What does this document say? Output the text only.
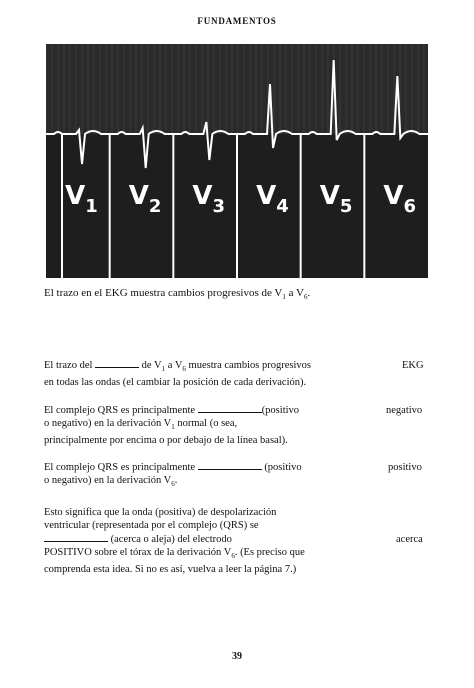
FUNDAMENTOS
$V_1$ $V_2$ $V_3$ $V_4$ $V_5$ $V_6$
El trazo en el EKG muestra cambios progresivos de $V_1$ a $V_6$.
El trazo del	de $V_1$ a $V_6$ muestra cambios progresivos
en todas las ondas (el cambiar la posición de cada derivación).
EKG
El complejo QRS es principalmente	(positivo
o negativo) en la derivación $V_1$ normal (o sea,
principalmente por encima o por debajo de la línea basal).
negativo
El complejo QRS es principalmente	(positivo
o negativo) en la derivación $V_6$.
positivo
Esto significa que la onda (positiva) de despolarización
ventricular (representada por el complejo (QRS) se
(acerca o aleja) del electrodo
POSITIVO sobre el tórax de la derivación $V_6$. (Es preciso que
comprenda esta idea. Si no es así, vuelva a leer la página 7.)
acerca
39
